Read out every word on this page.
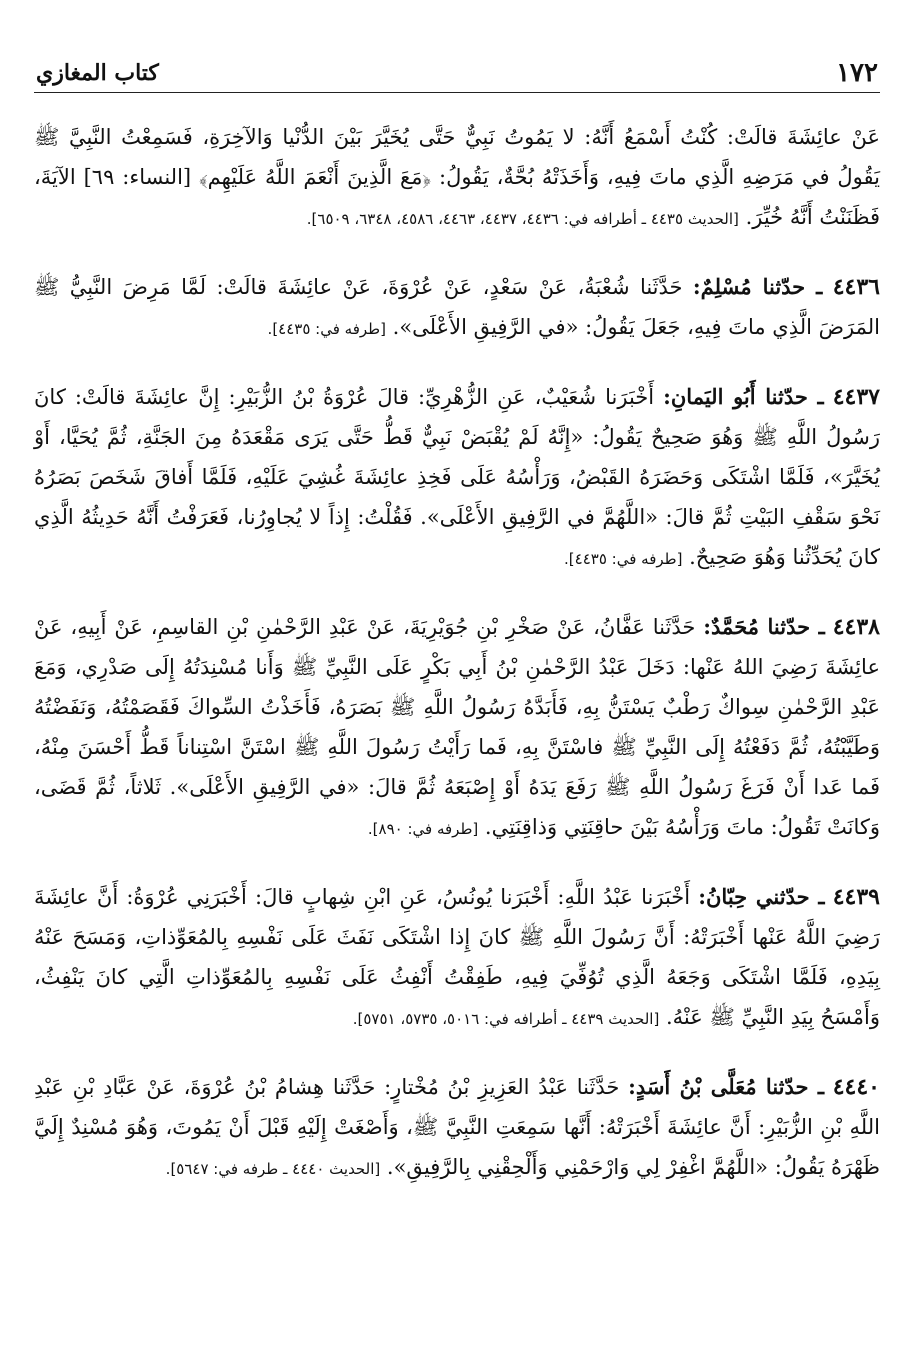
١٧٢
كتاب المغازي

عَنْ عائِشَةَ قالَتْ: كُنْتُ أَسْمَعُ أَنَّهُ: لا يَمُوتُ نَبِيٌّ حَتَّى يُخَيَّرَ بَيْنَ الدُّنْيا وَالآخِرَةِ، فَسَمِعْتُ النَّبِيَّ ﷺ يَقُولُ في مَرَضِهِ الَّذِي ماتَ فِيهِ، وَأَخَذَتْهُ بُحَّةٌ، يَقُولُ: ﴿مَعَ الَّذِينَ أَنْعَمَ اللَّهُ عَلَيْهِم﴾ [النساء: ٦٩] الآيَةَ، فَظَنَنْتُ أَنَّهُ خُيِّرَ. [الحديث ٤٤٣٥ ـ أطرافه في: ٤٤٣٦، ٤٤٣٧، ٤٤٦٣، ٤٥٨٦، ٦٣٤٨، ٦٥٠٩].

٤٤٣٦ ـ حدّثنا مُسْلِمٌ: حَدَّثَنا شُعْبَةُ، عَنْ سَعْدٍ، عَنْ عُرْوَةَ، عَنْ عائِشَةَ قالَتْ: لَمَّا مَرِضَ النَّبِيُّ ﷺ المَرَضَ الَّذِي ماتَ فِيهِ، جَعَلَ يَقُولُ: «في الرَّفِيقِ الأَعْلَى». [طرفه في: ٤٤٣٥].

٤٤٣٧ ـ حدّثنا أَبُو اليَمانِ: أَخْبَرَنا شُعَيْبٌ، عَنِ الزُّهْرِيِّ: قالَ عُرْوَةُ بْنُ الزُّبَيْرِ: إِنَّ عائِشَةَ قالَتْ: كانَ رَسُولُ اللَّهِ ﷺ وَهُوَ صَحِيحٌ يَقُولُ: «إِنَّهُ لَمْ يُقْبَضْ نَبِيٌّ قَطُّ حَتَّى يَرَى مَقْعَدَهُ مِنَ الجَنَّةِ، ثُمَّ يُحَيَّا، أَوْ يُخَيَّرَ»، فَلَمَّا اشْتَكَى وَحَضَرَهُ القَبْضُ، وَرَأْسُهُ عَلَى فَخِذِ عائِشَةَ غُشِيَ عَلَيْهِ، فَلَمَّا أَفاقَ شَخَصَ بَصَرُهُ نَحْوَ سَقْفِ البَيْتِ ثُمَّ قالَ: «اللَّهُمَّ في الرَّفِيقِ الأَعْلَى». فَقُلْتُ: إِذاً لا يُجاوِرُنا، فَعَرَفْتُ أَنَّهُ حَدِيثُهُ الَّذِي كانَ يُحَدِّثُنا وَهُوَ صَحِيحٌ. [طرفه في: ٤٤٣٥].

٤٤٣٨ ـ حدّثنا مُحَمَّدٌ: حَدَّثَنا عَفَّانُ، عَنْ صَخْرِ بْنِ جُوَيْرِيَةَ، عَنْ عَبْدِ الرَّحْمٰنِ بْنِ القاسِمِ، عَنْ أَبِيهِ، عَنْ عائِشَةَ رَضِيَ اللهُ عَنْها: دَخَلَ عَبْدُ الرَّحْمٰنِ بْنُ أَبِي بَكْرٍ عَلَى النَّبِيِّ ﷺ وَأَنا مُسْنِدَتُهُ إِلَى صَدْرِي، وَمَعَ عَبْدِ الرَّحْمٰنِ سِواكٌ رَطْبٌ يَسْتَنُّ بِهِ، فَأَبَدَّهُ رَسُولُ اللَّهِ ﷺ بَصَرَهُ، فَأَخَذْتُ السِّواكَ فَقَصَمْتُهُ، وَنَفَضْتُهُ وَطَيَّبْتُهُ، ثُمَّ دَفَعْتُهُ إِلَى النَّبِيِّ ﷺ فاسْتَنَّ بِهِ، فَما رَأَيْتُ رَسُولَ اللَّهِ ﷺ اسْتَنَّ اسْتِناناً قَطُّ أَحْسَنَ مِنْهُ، فَما عَدا أَنْ فَرَغَ رَسُولُ اللَّهِ ﷺ رَفَعَ يَدَهُ أَوْ إِصْبَعَهُ ثُمَّ قالَ: «في الرَّفِيقِ الأَعْلَى». ثَلاثاً، ثُمَّ قَضَى، وَكانَتْ تَقُولُ: ماتَ وَرَأْسُهُ بَيْنَ حاقِنَتِي وَذاقِنَتِي. [طرفه في: ٨٩٠].

٤٤٣٩ ـ حدّثني حِبّانُ: أَخْبَرَنا عَبْدُ اللَّهِ: أَخْبَرَنا يُونُسُ، عَنِ ابْنِ شِهابٍ قالَ: أَخْبَرَنِي عُرْوَةُ: أَنَّ عائِشَةَ رَضِيَ اللَّهُ عَنْها أَخْبَرَتْهُ: أَنَّ رَسُولَ اللَّهِ ﷺ كانَ إِذا اشْتَكَى نَفَثَ عَلَى نَفْسِهِ بِالمُعَوِّذاتِ، وَمَسَحَ عَنْهُ بِيَدِهِ، فَلَمَّا اشْتَكَى وَجَعَهُ الَّذِي تُوُفِّيَ فِيهِ، طَفِقْتُ أَنْفِثُ عَلَى نَفْسِهِ بِالمُعَوِّذاتِ الَّتِي كانَ يَنْفِثُ، وَأَمْسَحُ بِيَدِ النَّبِيِّ ﷺ عَنْهُ. [الحديث ٤٤٣٩ ـ أطرافه في: ٥٠١٦، ٥٧٣٥، ٥٧٥١].

٤٤٤٠ ـ حدّثنا مُعَلَّى بْنُ أَسَدٍ: حَدَّثَنا عَبْدُ العَزِيزِ بْنُ مُخْتارٍ: حَدَّثَنا هِشامُ بْنُ عُرْوَةَ، عَنْ عَبَّادِ بْنِ عَبْدِ اللَّهِ بْنِ الزُّبَيْرِ: أَنَّ عائِشَةَ أَخْبَرَتْهُ: أَنَّها سَمِعَتِ النَّبِيَّ ﷺ، وَأَصْغَتْ إِلَيْهِ قَبْلَ أَنْ يَمُوتَ، وَهُوَ مُسْنِدٌ إِلَيَّ ظَهْرَهُ يَقُولُ: «اللَّهُمَّ اغْفِرْ لِي وَارْحَمْنِي وَأَلْحِقْنِي بِالرَّفِيقِ». [الحديث ٤٤٤٠ ـ طرفه في: ٥٦٤٧].
